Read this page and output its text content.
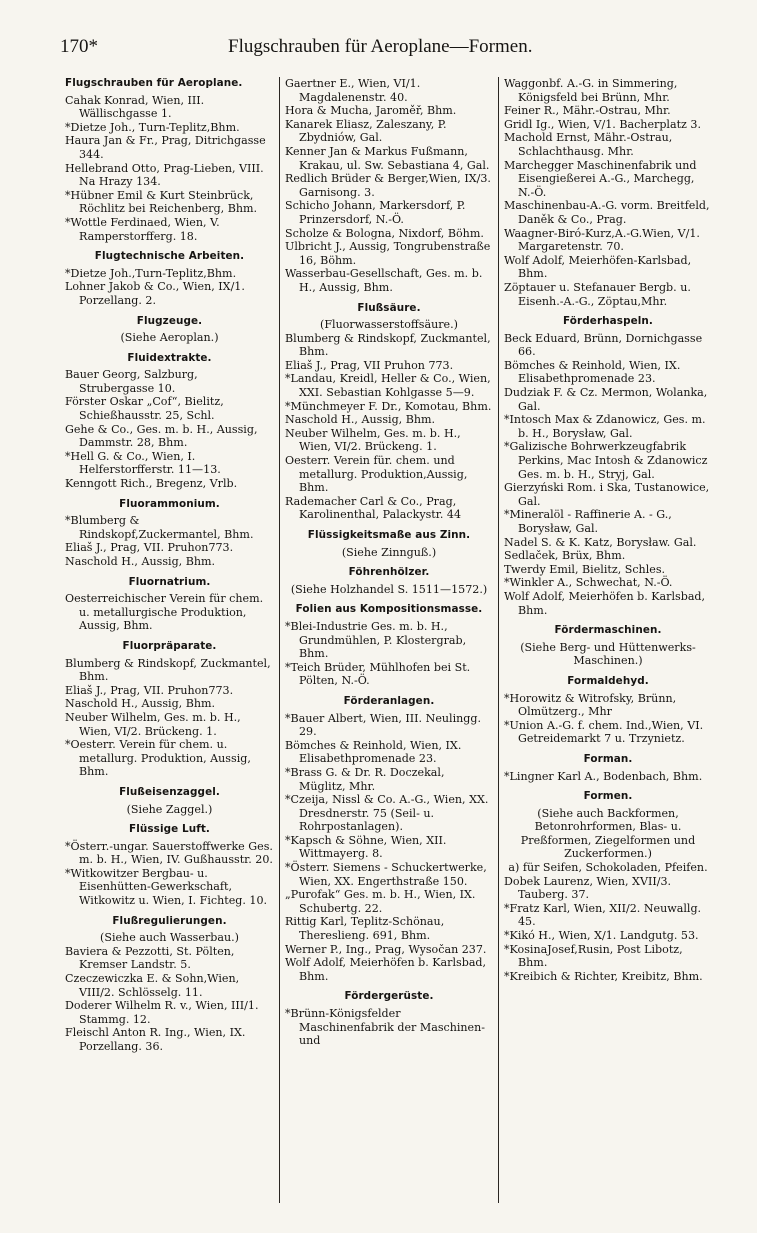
170*	Flugschrauben für Aeroplane—Formen.
Flugschrauben für Aeroplane.
Cahak Konrad, Wien, III. Wällischgasse 1.
*Dietze Joh., Turn-Teplitz,Bhm.
Haura Jan & Fr., Prag, Ditrichgasse 344.
Hellebrand Otto, Prag-Lieben, VIII. Na Hrazy 134.
*Hübner Emil & Kurt Steinbrück, Röchlitz bei Reichenberg, Bhm.
*Wottle Ferdinaed, Wien, V. Ramperstorfferg. 18.
Flugtechnische Arbeiten.
*Dietze Joh.,Turn-Teplitz,Bhm.
Lohner Jakob & Co., Wien, IX/1. Porzellang. 2.
Flugzeuge.
(Siehe Aeroplan.)
Fluidextrakte.
Bauer Georg, Salzburg, Strubergasse 10.
Förster Oskar „Cof“, Bielitz, Schießhausstr. 25, Schl.
Gehe & Co., Ges. m. b. H., Aussig, Dammstr. 28, Bhm.
*Hell G. & Co., Wien, I. Helferstorfferstr. 11—13.
Kenngott Rich., Bregenz, Vrlb.
Fluorammonium.
*Blumberg & Rindskopf,Zuckermantel, Bhm.
Eliaš J., Prag, VII. Pruhon773.
Naschold H., Aussig, Bhm.
Fluornatrium.
Oesterreichischer Verein für chem. u. metallurgische Produktion, Aussig, Bhm.
Fluorpräparate.
Blumberg & Rindskopf, Zuckmantel, Bhm.
Eliaš J., Prag, VII. Pruhon773.
Naschold H., Aussig, Bhm.
Neuber Wilhelm, Ges. m. b. H., Wien, VI/2. Brückeng. 1.
*Oesterr. Verein für chem. u. metallurg. Produktion, Aussig, Bhm.
Flußeisenzaggel.
(Siehe Zaggel.)
Flüssige Luft.
*Österr.-ungar. Sauerstoffwerke Ges. m. b. H., Wien, IV. Gußhausstr. 20.
*Witkowitzer Bergbau- u. Eisenhütten-Gewerkschaft, Witkowitz u. Wien, I. Fichteg. 10.
Flußregulierungen.
(Siehe auch Wasserbau.)
Baviera & Pezzotti, St. Pölten, Kremser Landstr. 5.
Czeczewiczka E. & Sohn,Wien, VIII/2. Schlösselg. 11.
Doderer Wilhelm R. v., Wien, III/1. Stammg. 12.
Fleischl Anton R. Ing., Wien, IX. Porzellang. 36.
Gaertner E., Wien, VI/1. Magdalenenstr. 40.
Hora & Mucha, Jaroměř, Bhm.
Kanarek Eliasz, Zaleszany, P. Zbydniów, Gal.
Kenner Jan & Markus Fußmann, Krakau, ul. Sw. Sebastiana 4, Gal.
Redlich Brüder & Berger,Wien, IX/3. Garnisong. 3.
Schicho Johann, Markersdorf, P. Prinzersdorf, N.-Ö.
Scholze & Bologna, Nixdorf, Böhm.
Ulbricht J., Aussig, Tongrubenstraße 16, Böhm.
Wasserbau-Gesellschaft, Ges. m. b. H., Aussig, Bhm.
Flußsäure.
(Fluorwasserstoffsäure.)
Blumberg & Rindskopf, Zuckmantel, Bhm.
Eliaš J., Prag, VII Pruhon 773.
*Landau, Kreidl, Heller & Co., Wien, XXI. Sebastian Kohlgasse 5—9.
*Münchmeyer F. Dr., Komotau, Bhm.
Naschold H., Aussig, Bhm.
Neuber Wilhelm, Ges. m. b. H., Wien, VI/2. Brückeng. 1.
Oesterr. Verein für. chem. und metallurg. Produktion,Aussig, Bhm.
Rademacher Carl & Co., Prag, Karolinenthal, Palackystr. 44
Flüssigkeitsmaße aus Zinn.
(Siehe Zinnguß.)
Föhrenhölzer.
(Siehe Holzhandel S. 1511—1572.)
Folien aus Kompositionsmasse.
*Blei-Industrie Ges. m. b. H., Grundmühlen, P. Klostergrab, Bhm.
*Teich Brüder, Mühlhofen bei St. Pölten, N.-Ö.
Förderanlagen.
*Bauer Albert, Wien, III. Neulingg. 29.
Bömches & Reinhold, Wien, IX. Elisabethpromenade 23.
*Brass G. & Dr. R. Doczekal, Müglitz, Mhr.
*Czeija, Nissl & Co. A.-G., Wien, XX. Dresdnerstr. 75 (Seil- u. Rohrpostanlagen).
*Kapsch & Söhne, Wien, XII. Wittmayerg. 8.
*Österr. Siemens - Schuckertwerke, Wien, XX. Engerthstraße 150.
„Purofak“ Ges. m. b. H., Wien, IX. Schubertg. 22.
Rittig Karl, Teplitz-Schönau, Thereslieng. 691, Bhm.
Werner P., Ing., Prag, Wysočan 237.
Wolf Adolf, Meierhöfen b. Karlsbad, Bhm.
Fördergerüste.
*Brünn-Königsfelder Maschinenfabrik der Maschinen- und
Waggonbf. A.-G. in Simmering, Königsfeld bei Brünn, Mhr.
Feiner R., Mähr.-Ostrau, Mhr.
Gridl Ig., Wien, V/1. Bacherplatz 3.
Machold Ernst, Mähr.-Ostrau, Schlachthausg. Mhr.
Marchegger Maschinenfabrik und Eisengießerei A.-G., Marchegg, N.-Ö.
Maschinenbau-A.-G. vorm. Breitfeld, Daněk & Co., Prag.
Waagner-Biró-Kurz,A.-G.Wien, V/1. Margaretenstr. 70.
Wolf Adolf, Meierhöfen-Karlsbad, Bhm.
Zöptauer u. Stefanauer Bergb. u. Eisenh.-A.-G., Zöptau,Mhr.
Förderhaspeln.
Beck Eduard, Brünn, Dornichgasse 66.
Bömches & Reinhold, Wien, IX. Elisabethpromenade 23.
Dudziak F. & Cz. Mermon, Wolanka, Gal.
*Intosch Max & Zdanowicz, Ges. m. b. H., Borysław, Gal.
*Galizische Bohrwerkzeugfabrik Perkins, Mac Intosh & Zdanowicz Ges. m. b. H., Stryj, Gal.
Gierzyński Rom. i Ska, Tustanowice, Gal.
*Mineralöl - Raffinerie A. - G., Borysław, Gal.
Nadel S. & K. Katz, Borysław. Gal.
Sedlaček, Brüx, Bhm.
Twerdy Emil, Bielitz, Schles.
*Winkler A., Schwechat, N.-Ö.
Wolf Adolf, Meierhöfen b. Karlsbad, Bhm.
Fördermaschinen.
(Siehe Berg- und Hüttenwerks-Maschinen.)
Formaldehyd.
*Horowitz & Witrofsky, Brünn, Olmützerg., Mhr
*Union A.-G. f. chem. Ind.,Wien, VI. Getreidemarkt 7 u. Trzynietz.
Forman.
*Lingner Karl A., Bodenbach, Bhm.
Formen.
(Siehe auch Backformen, Betonrohrformen, Blas- u. Preßformen, Ziegelformen und Zuckerformen.)
a) für Seifen, Schokoladen, Pfeifen.
Dobek Laurenz, Wien, XVII/3. Tauberg. 37.
*Fratz Karl, Wien, XII/2. Neuwallg. 45.
*Kikó H., Wien, X/1. Landgutg. 53.
*KosinaJosef,Rusin, Post Libotz, Bhm.
*Kreibich & Richter, Kreibitz, Bhm.
